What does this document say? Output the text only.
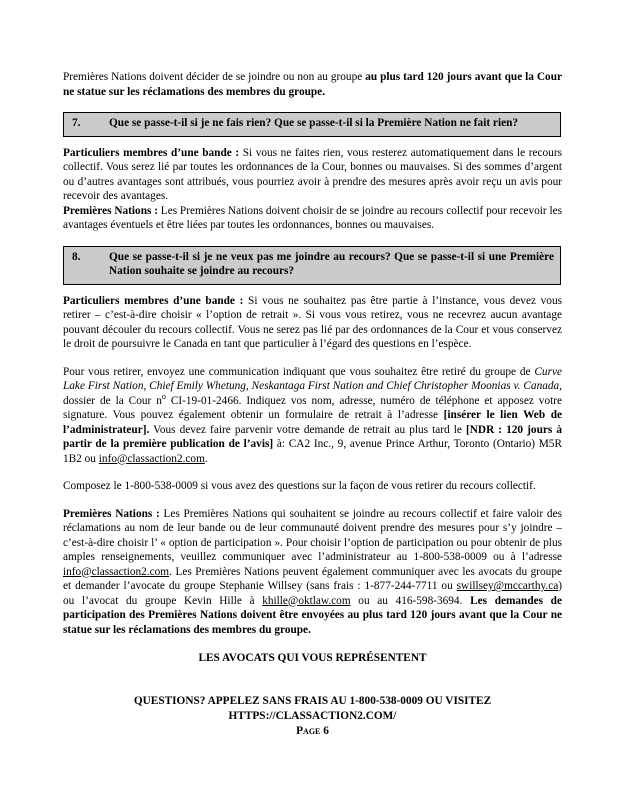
Premières Nations doivent décider de se joindre ou non au groupe au plus tard 120 jours avant que la Cour ne statue sur les réclamations des membres du groupe.

7.	Que se passe-t-il si je ne fais rien? Que se passe-t-il si la Première Nation ne fait rien?

Particuliers membres d’une bande : Si vous ne faites rien, vous resterez automatiquement dans le recours collectif. Vous serez lié par toutes les ordonnances de la Cour, bonnes ou mauvaises. Si des sommes d’argent ou d’autres avantages sont attribués, vous pourriez avoir à prendre des mesures après avoir reçu un avis pour recevoir des avantages.

Premières Nations : Les Premières Nations doivent choisir de se joindre au recours collectif pour recevoir les avantages éventuels et être liées par toutes les ordonnances, bonnes ou mauvaises.

8.	Que se passe-t-il si je ne veux pas me joindre au recours? Que se passe-t-il si une Première Nation souhaite se joindre au recours?

Particuliers membres d’une bande : Si vous ne souhaitez pas être partie à l’instance, vous devez vous retirer – c’est-à-dire choisir « l’option de retrait ». Si vous vous retirez, vous ne recevrez aucun avantage pouvant découler du recours collectif. Vous ne serez pas lié par des ordonnances de la Cour et vous conservez le droit de poursuivre le Canada en tant que particulier à l’égard des questions en l’espèce.

Pour vous retirer, envoyez une communication indiquant que vous souhaitez être retiré du groupe de Curve Lake First Nation, Chief Emily Whetung, Neskantaga First Nation and Chief Christopher Moonias v. Canada, dossier de la Cour $n^o$ CI-19-01-2466. Indiquez vos nom, adresse, numéro de téléphone et apposez votre signature. Vous pouvez également obtenir un formulaire de retrait à l’adresse [insérer le lien Web de l’administrateur]. Vous devez faire parvenir votre demande de retrait au plus tard le [NDR : 120 jours à partir de la première publication de l’avis] à: CA2 Inc., 9, avenue Prince Arthur, Toronto (Ontario) M5R 1B2 ou info@classaction2.com.

Composez le 1-800-538-0009 si vous avez des questions sur la façon de vous retirer du recours collectif.

Premières Nations : Les Premières Nations qui souhaitent se joindre au recours collectif et faire valoir des réclamations au nom de leur bande ou de leur communauté doivent prendre des mesures pour s’y joindre – c’est-à-dire choisir l’ « option de participation ». Pour choisir l’option de participation ou pour obtenir de plus amples renseignements, veuillez communiquer avec l’administrateur au 1-800-538-0009 ou à l’adresse info@classaction2.com. Les Premières Nations peuvent également communiquer avec les avocats du groupe et demander l’avocate du groupe Stephanie Willsey (sans frais : 1-877-244-7711 ou swillsey@mccarthy.ca) ou l’avocat du groupe Kevin Hille à khille@oktlaw.com ou au 416-598-3694. Les demandes de participation des Premières Nations doivent être envoyées au plus tard 120 jours avant que la Cour ne statue sur les réclamations des membres du groupe.

LES AVOCATS QUI VOUS REPRÉSENTENT

QUESTIONS? APPELEZ SANS FRAIS AU 1-800-538-0009 OU VISITEZ
HTTPS://CLASSACTION2.COM/
Page 6
